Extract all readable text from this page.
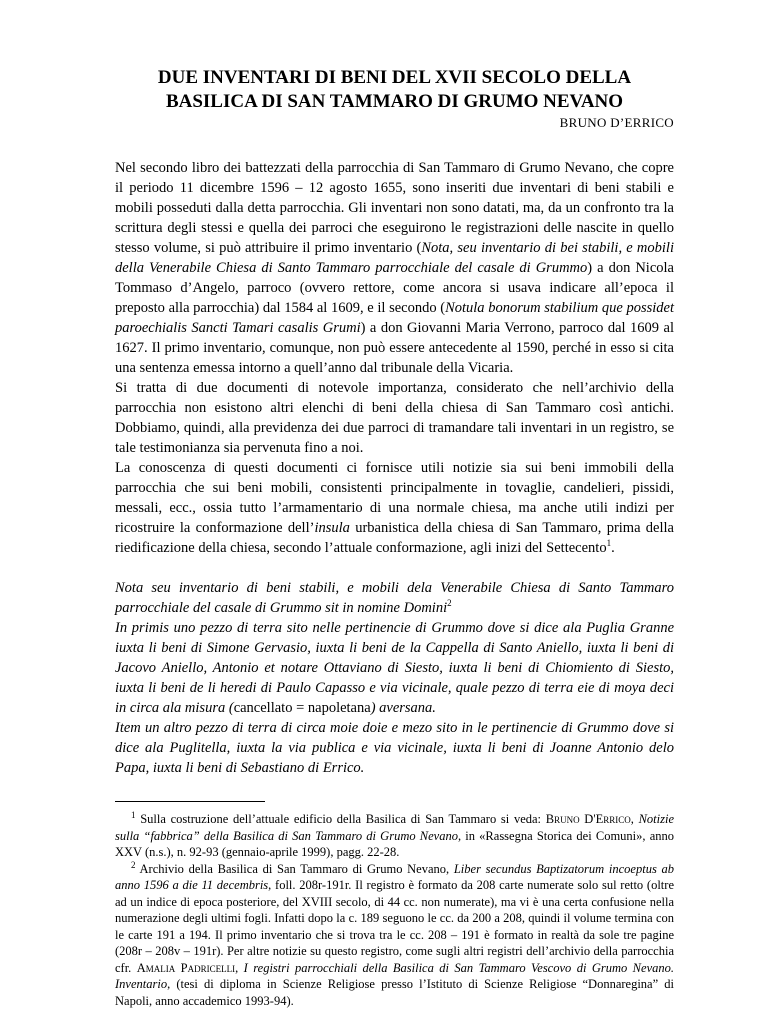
DUE INVENTARI DI BENI DEL XVII SECOLO DELLA
BASILICA DI SAN TAMMARO DI GRUMO NEVANO
BRUNO D’ERRICO

Nel secondo libro dei battezzati della parrocchia di San Tammaro di Grumo Nevano, che copre il periodo 11 dicembre 1596 – 12 agosto 1655, sono inseriti due inventari di beni stabili e mobili posseduti dalla detta parrocchia. Gli inventari non sono datati, ma, da un confronto tra la scrittura degli stessi e quella dei parroci che eseguirono le registrazioni delle nascite in quello stesso volume, si può attribuire il primo inventario (Nota, seu inventario di bei stabili, e mobili della Venerabile Chiesa di Santo Tammaro parrocchiale del casale di Grummo) a don Nicola Tommaso d’Angelo, parroco (ovvero rettore, come ancora si usava indicare all’epoca il preposto alla parrocchia) dal 1584 al 1609, e il secondo (Notula bonorum stabilium que possidet paroechialis Sancti Tamari casalis Grumi) a don Giovanni Maria Verrono, parroco dal 1609 al 1627. Il primo inventario, comunque, non può essere antecedente al 1590, perché in esso si cita una sentenza emessa intorno a quell’anno dal tribunale della Vicaria.

Si tratta di due documenti di notevole importanza, considerato che nell’archivio della parrocchia non esistono altri elenchi di beni della chiesa di San Tammaro così antichi. Dobbiamo, quindi, alla previdenza dei due parroci di tramandare tali inventari in un registro, se tale testimonianza sia pervenuta fino a noi.

La conoscenza di questi documenti ci fornisce utili notizie sia sui beni immobili della parrocchia che sui beni mobili, consistenti principalmente in tovaglie, candelieri, pissidi, messali, ecc., ossia tutto l’armamentario di una normale chiesa, ma anche utili indizi per ricostruire la conformazione dell’insula urbanistica della chiesa di San Tammaro, prima della riedificazione della chiesa, secondo l’attuale conformazione, agli inizi del Settecento$^1$.

Nota seu inventario di beni stabili, e mobili dela Venerabile Chiesa di Santo Tammaro parrocchiale del casale di Grummo sit in nomine Domini$^2$

In primis uno pezzo di terra sito nelle pertinencie di Grummo dove si dice ala Puglia Granne iuxta li beni di Simone Gervasio, iuxta li beni de la Cappella di Santo Aniello, iuxta li beni di Jacovo Aniello, Antonio et notare Ottaviano di Siesto, iuxta li beni di Chiomiento di Siesto, iuxta li beni de li heredi di Paulo Capasso e via vicinale, quale pezzo di terra eie di moya deci in circa ala misura (cancellato = napoletana) aversana.

Item un altro pezzo di terra di circa moie doie e mezo sito in le pertinencie di Grummo dove si dice ala Puglitella, iuxta la via publica e via vicinale, iuxta li beni di Joanne Antonio delo Papa, iuxta li beni di Sebastiano di Errico.

$^1$ Sulla costruzione dell’attuale edificio della Basilica di San Tammaro si veda: Bruno D'Errico, Notizie sulla “fabbrica” della Basilica di San Tammaro di Grumo Nevano, in «Rassegna Storica dei Comuni», anno XXV (n.s.), n. 92-93 (gennaio-aprile 1999), pagg. 22-28.

$^2$ Archivio della Basilica di San Tammaro di Grumo Nevano, Liber secundus Baptizatorum incoeptus ab anno 1596 a die 11 decembris, foll. 208r-191r. Il registro è formato da 208 carte numerate solo sul retto (oltre ad un indice di epoca posteriore, del XVIII secolo, di 44 cc. non numerate), ma vi è una certa confusione nella numerazione degli ultimi fogli. Infatti dopo la c. 189 seguono le cc. da 200 a 208, quindi il volume termina con le carte 191 a 194. Il primo inventario che si trova tra le cc. 208 – 191 è formato in realtà da sole tre pagine (208r – 208v – 191r). Per altre notizie su questo registro, come sugli altri registri dell’archivio della parrocchia cfr. Amalia Padricelli, I registri parrocchiali della Basilica di San Tammaro Vescovo di Grumo Nevano. Inventario, (tesi di diploma in Scienze Religiose presso l’Istituto di Scienze Religiose “Donnaregina” di Napoli, anno accademico 1993-94).
